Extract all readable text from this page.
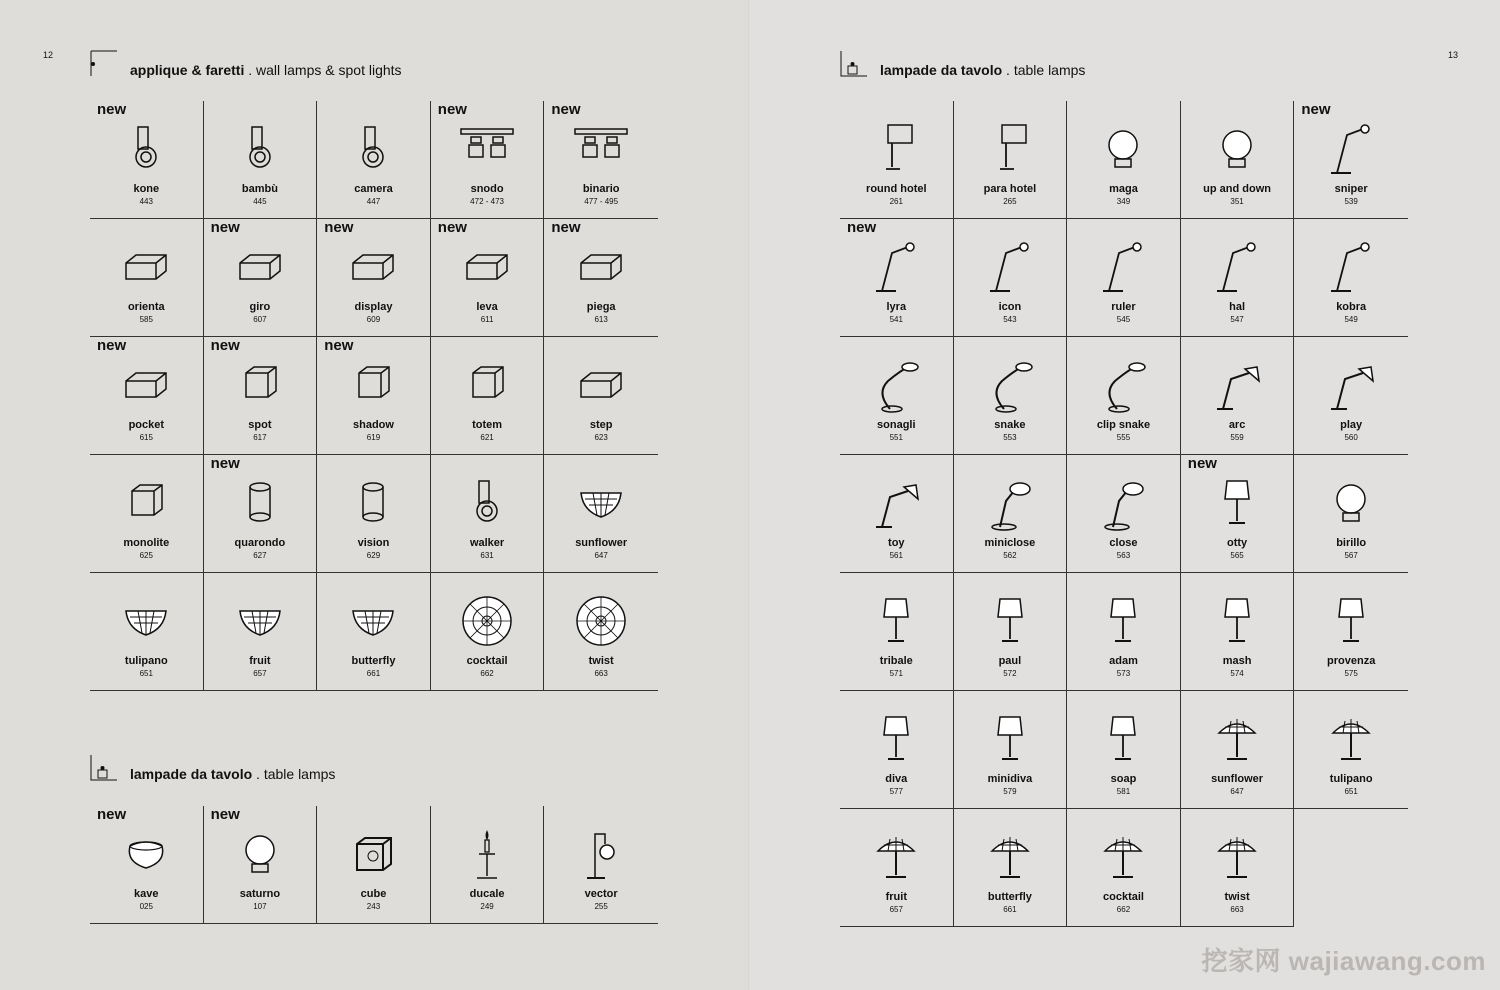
12
applique & faretti . wall lamps & spot lights
new
kone
443
bambù
445
camera
447
new
snodo
472 - 473
new
binario
477 - 495
orienta
585
new
giro
607
new
display
609
new
leva
611
new
piega
613
new
pocket
615
new
spot
617
new
shadow
619
totem
621
step
623
monolite
625
new
quarondo
627
vision
629
walker
631
sunflower
647
tulipano
651
fruit
657
butterfly
661
cocktail
662
twist
663
lampade da tavolo . table lamps
new
kave
025
new
saturno
107
cube
243
ducale
249
vector
255
13
lampade da tavolo . table lamps
round hotel
261
para hotel
265
maga
349
up and down
351
new
sniper
539
new
lyra
541
icon
543
ruler
545
hal
547
kobra
549
sonagli
551
snake
553
clip snake
555
arc
559
play
560
toy
561
miniclose
562
close
563
new
otty
565
birillo
567
tribale
571
paul
572
adam
573
mash
574
provenza
575
diva
577
minidiva
579
soap
581
sunflower
647
tulipano
651
fruit
657
butterfly
661
cocktail
662
twist
663
挖家网 wajiawang.com
